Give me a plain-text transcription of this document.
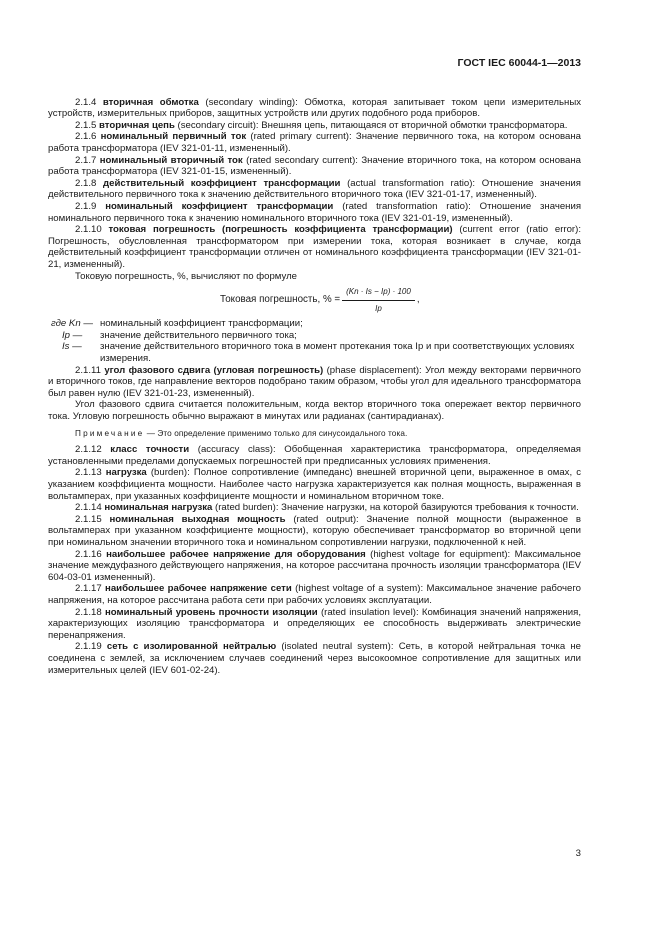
ГОСТ IEC 60044-1—2013

2.1.4 вторичная обмотка (secondary winding): Обмотка, которая запитывает током цепи измерительных устройств, измерительных приборов, защитных устройств или других подобного рода приборов.

2.1.5 вторичная цепь (secondary circuit): Внешняя цепь, питающаяся от вторичной обмотки трансформатора.

2.1.6 номинальный первичный ток (rated primary current): Значение первичного тока, на котором основана работа трансформатора (IEV 321-01-11, измененный).

2.1.7 номинальный вторичный ток (rated secondary current): Значение вторичного тока, на котором основана работа трансформатора (IEV 321-01-15, измененный).

2.1.8 действительный коэффициент трансформации (actual transformation ratio): Отношение значения действительного первичного тока к значению действительного вторичного тока (IEV 321-01-17, измененный).

2.1.9 номинальный коэффициент трансформации (rated transformation ratio): Отношение значения номинального первичного тока к значению номинального вторичного тока (IEV 321-01-19, измененный).

2.1.10 токовая погрешность (погрешность коэффициента трансформации) (current error (ratio error): Погрешность, обусловленная трансформатором при измерении тока, которая возникает в случае, когда действительный коэффициент трансформации отличен от номинального коэффициента трансформации (IEV 321-01-21, измененный).

Токовую погрешность, %, вычисляют по формуле

Токовая погрешность, % = $\frac{(Kn \cdot Is - Ip) \cdot 100}{Ip}$ ,
где Kn — номинальный коэффициент трансформации;
Ip —	значение действительного первичного тока;
Is —	значение действительного вторичного тока в момент протекания тока Ip и при соответствующих условиях измерения.

2.1.11 угол фазового сдвига (угловая погрешность) (phase displacement): Угол между векторами первичного и вторичного токов, где направление векторов подобрано таким образом, чтобы угол для идеального трансформатора был равен нулю (IEV 321-01-23, измененный).

Угол фазового сдвига считается положительным, когда вектор вторичного тока опережает вектор первичного тока. Угловую погрешность обычно выражают в минутах или радианах (сантирадианах).

Примечание — Это определение применимо только для синусоидального тока.

2.1.12 класс точности (accuracy class): Обобщенная характеристика трансформатора, определяемая установленными пределами допускаемых погрешностей при предписанных условиях применения.

2.1.13 нагрузка (burden): Полное сопротивление (импеданс) внешней вторичной цепи, выраженное в омах, с указанием коэффициента мощности. Наиболее часто нагрузка характеризуется как полная мощность, выраженная в вольтамперах, при указанных коэффициенте мощности и номинальном вторичном токе.

2.1.14 номинальная нагрузка (rated burden): Значение нагрузки, на которой базируются требования к точности.

2.1.15 номинальная выходная мощность (rated output): Значение полной мощности (выраженное в вольтамперах при указанном коэффициенте мощности), которую обеспечивает трансформатор во вторичной цепи при номинальном значении вторичного тока и номинальном сопротивлении нагрузки, подключенной к ней.

2.1.16 наибольшее рабочее напряжение для оборудования (highest voltage for equipment): Максимальное значение междуфазного действующего напряжения, на которое рассчитана прочность изоляции трансформатора (IEV 604-03-01 измененный).

2.1.17 наибольшее рабочее напряжение сети (highest voltage of a system): Максимальное значение рабочего напряжения, на которое рассчитана работа сети при рабочих условиях эксплуатации.

2.1.18 номинальный уровень прочности изоляции (rated insulation level): Комбинация значений напряжения, характеризующих изоляцию трансформатора и определяющих ее способность выдерживать электрические перенапряжения.

2.1.19 сеть с изолированной нейтралью (isolated neutral system): Сеть, в которой нейтральная точка не соединена с землей, за исключением случаев соединений через высокоомное сопротивление для защитных или измерительных целей (IEV 601-02-24).

3
